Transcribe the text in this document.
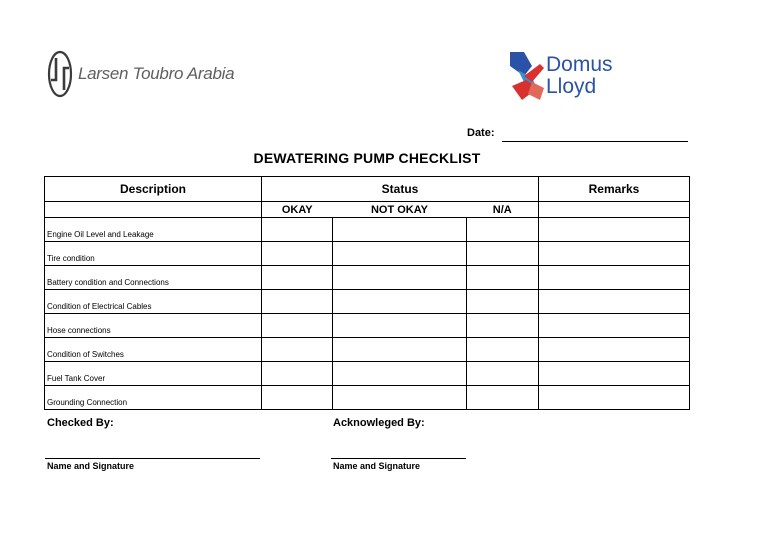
Larsen Toubro Arabia	Domus
Lloyd
Date:
DEWATERING PUMP CHECKLIST
Description	Status			Remarks
	OKAY	NOT OKAY	N/A	
Engine Oil Level and Leakage				
Tire condition				
Battery condition and Connections				
Condition of Electrical Cables				
Hose connections				
Condition of Switches				
Fuel Tank Cover				
Grounding Connection				
Checked By:	Acknowleged By:
Name and Signature	Name and Signature
